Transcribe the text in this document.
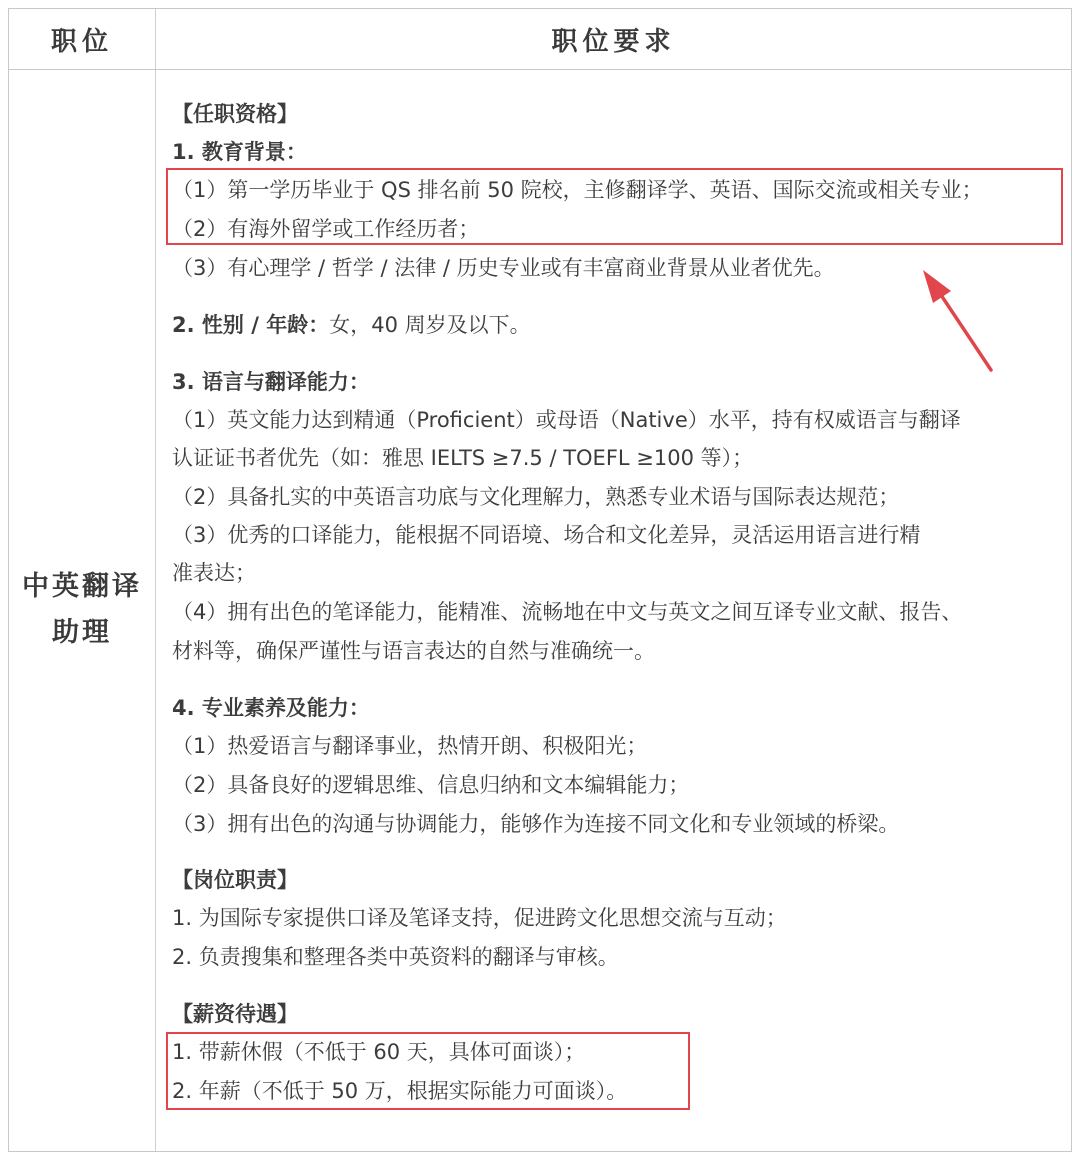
职位	职位要求
中英翻译
助理
【任职资格】
1. 教育背景：
（1）第一学历毕业于 QS 排名前 50 院校，主修翻译学、英语、国际交流或相关专业；
（2）有海外留学或工作经历者；
（3）有心理学 / 哲学 / 法律 / 历史专业或有丰富商业背景从业者优先。
2. 性别 / 年龄：女，40 周岁及以下。
3. 语言与翻译能力：
（1）英文能力达到精通（Proficient）或母语（Native）水平，持有权威语言与翻译
认证证书者优先（如：雅思 IELTS ≥7.5 / TOEFL ≥100 等）；
（2）具备扎实的中英语言功底与文化理解力，熟悉专业术语与国际表达规范；
（3）优秀的口译能力，能根据不同语境、场合和文化差异，灵活运用语言进行精
准表达；
（4）拥有出色的笔译能力，能精准、流畅地在中文与英文之间互译专业文献、报告、
材料等，确保严谨性与语言表达的自然与准确统一。
4. 专业素养及能力：
（1）热爱语言与翻译事业，热情开朗、积极阳光；
（2）具备良好的逻辑思维、信息归纳和文本编辑能力；
（3）拥有出色的沟通与协调能力，能够作为连接不同文化和专业领域的桥梁。
【岗位职责】
1. 为国际专家提供口译及笔译支持，促进跨文化思想交流与互动；
2. 负责搜集和整理各类中英资料的翻译与审核。
【薪资待遇】
1. 带薪休假（不低于 60 天，具体可面谈）；
2. 年薪（不低于 50 万，根据实际能力可面谈）。
